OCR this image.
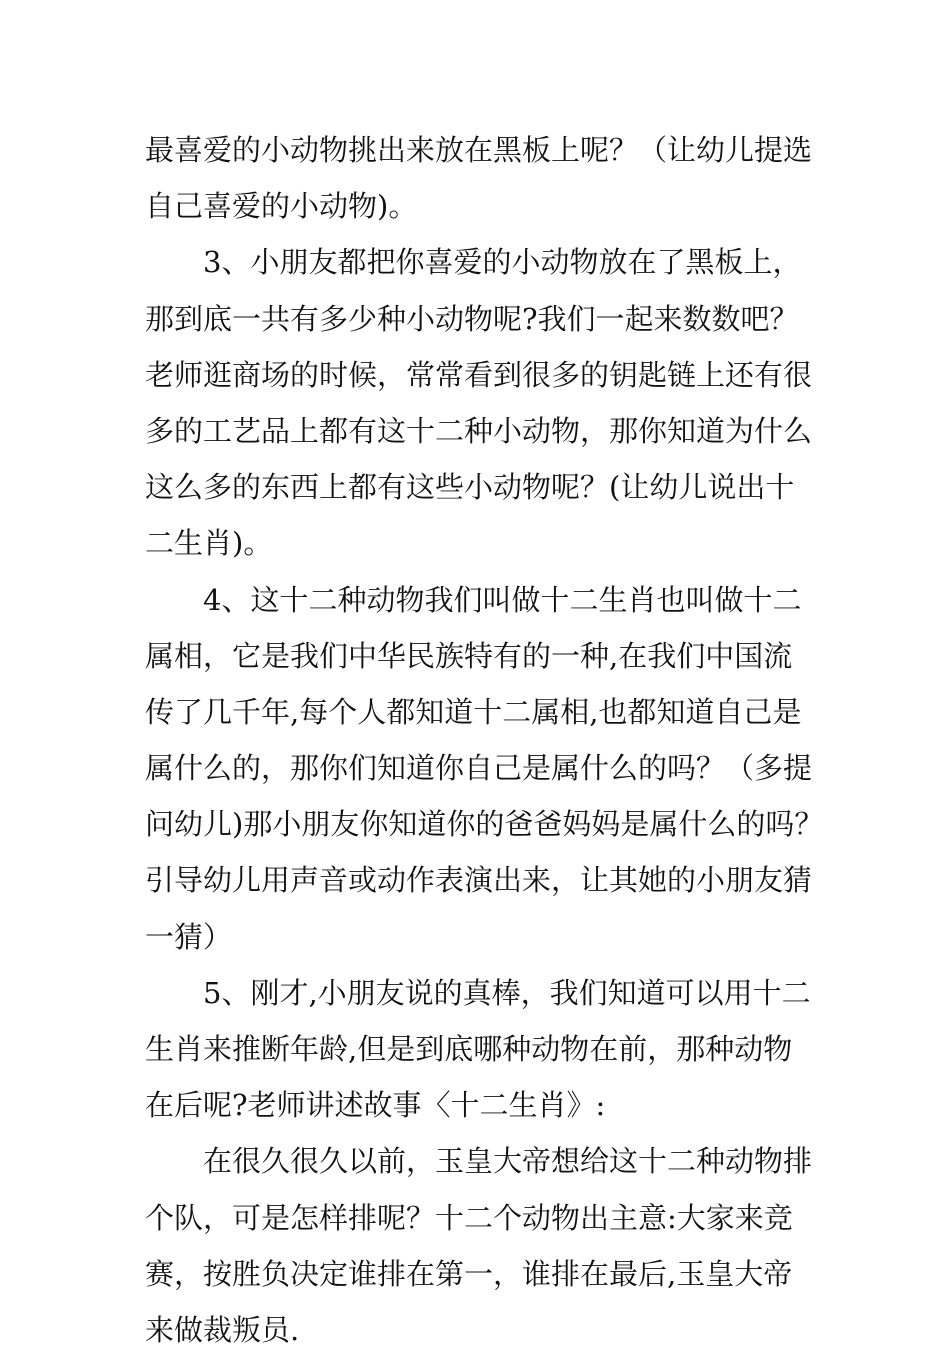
最喜爱的小动物挑出来放在黑板上呢？（让幼儿提选
自己喜爱的小动物)。
3、小朋友都把你喜爱的小动物放在了黑板上，
那到底一共有多少种小动物呢?我们一起来数数吧？
老师逛商场的时候，常常看到很多的钥匙链上还有很
多的工艺品上都有这十二种小动物，那你知道为什么
这么多的东西上都有这些小动物呢？(让幼儿说出十
二生肖)。
4、这十二种动物我们叫做十二生肖也叫做十二
属相，它是我们中华民族特有的一种,在我们中国流
传了几千年,每个人都知道十二属相,也都知道自己是
属什么的，那你们知道你自己是属什么的吗？（多提
问幼儿)那小朋友你知道你的爸爸妈妈是属什么的吗？
引导幼儿用声音或动作表演出来，让其她的小朋友猜
一猜）
5、刚才,小朋友说的真棒，我们知道可以用十二
生肖来推断年龄,但是到底哪种动物在前，那种动物
在后呢?老师讲述故事〈十二生肖》:
在很久很久以前，玉皇大帝想给这十二种动物排
个队，可是怎样排呢？十二个动物出主意:大家来竞
赛，按胜负决定谁排在第一，谁排在最后,玉皇大帝
来做裁叛员.
